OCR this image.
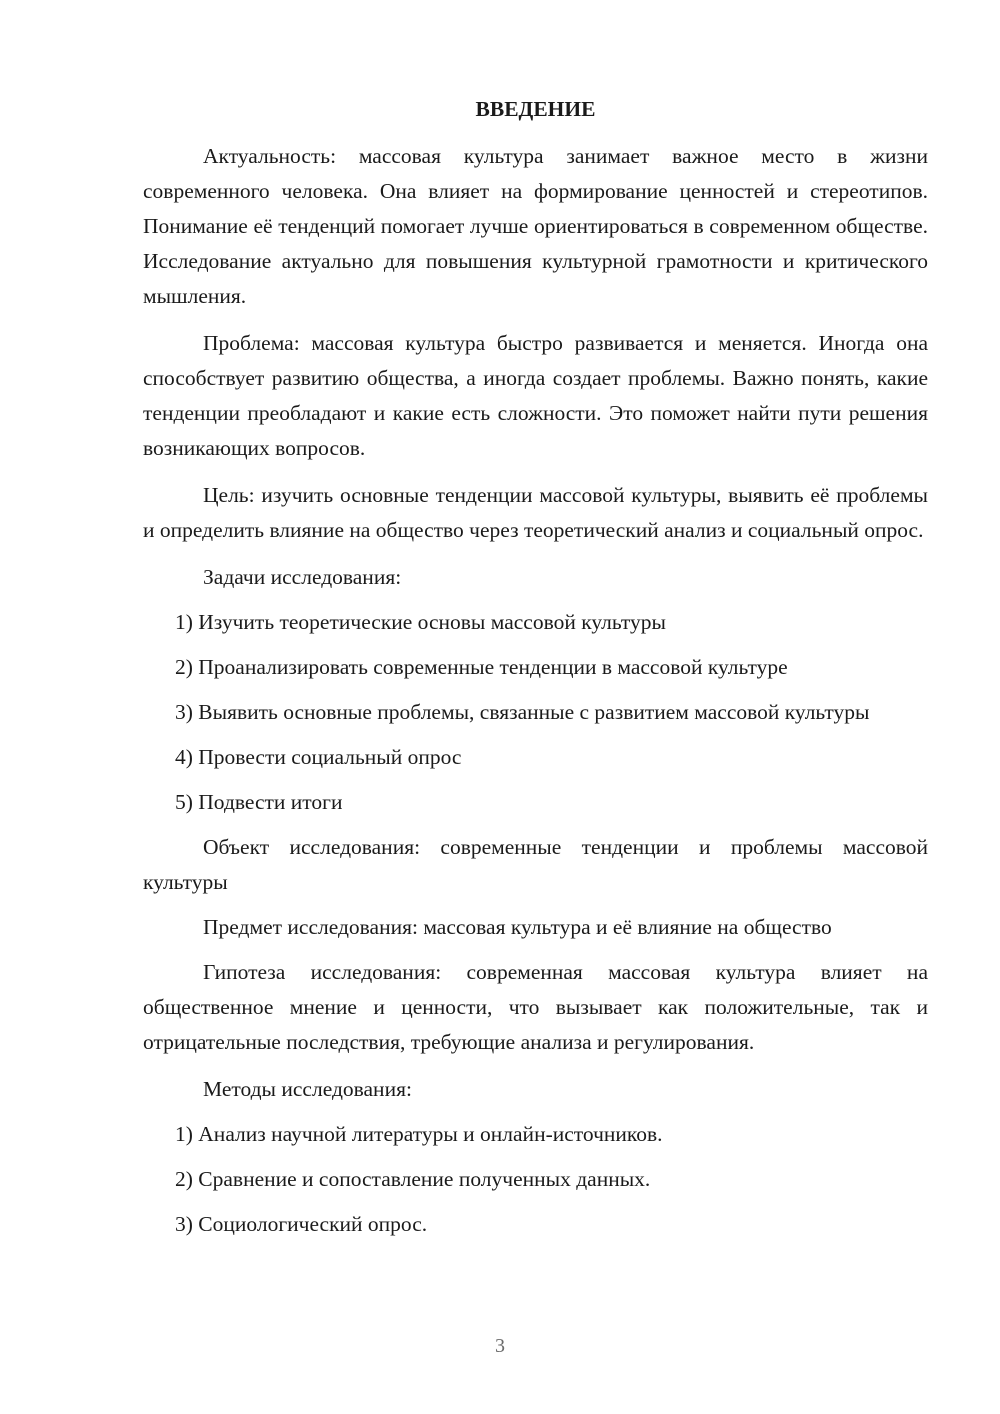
ВВЕДЕНИЕ

Актуальность: массовая культура занимает важное место в жизни современного человека. Она влияет на формирование ценностей и стереотипов. Понимание её тенденций помогает лучше ориентироваться в современном обществе. Исследование актуально для повышения культурной грамотности и критического мышления.

Проблема: массовая культура быстро развивается и меняется. Иногда она способствует развитию общества, а иногда создает проблемы. Важно понять, какие тенденции преобладают и какие есть сложности. Это поможет найти пути решения возникающих вопросов.

Цель: изучить основные тенденции массовой культуры, выявить её проблемы и определить влияние на общество через теоретический анализ и социальный опрос.

Задачи исследования:

1) Изучить теоретические основы массовой культуры

2) Проанализировать современные тенденции в массовой культуре

3) Выявить основные проблемы, связанные с развитием массовой культуры

4) Провести социальный опрос

5) Подвести итоги

Объект исследования: современные тенденции и проблемы массовой культуры

Предмет исследования: массовая культура и её влияние на общество

Гипотеза исследования: современная массовая культура влияет на общественное мнение и ценности, что вызывает как положительные, так и отрицательные последствия, требующие анализа и регулирования.

Методы исследования:

1) Анализ научной литературы и онлайн-источников.

2) Сравнение и сопоставление полученных данных.

3) Социологический опрос.

3
